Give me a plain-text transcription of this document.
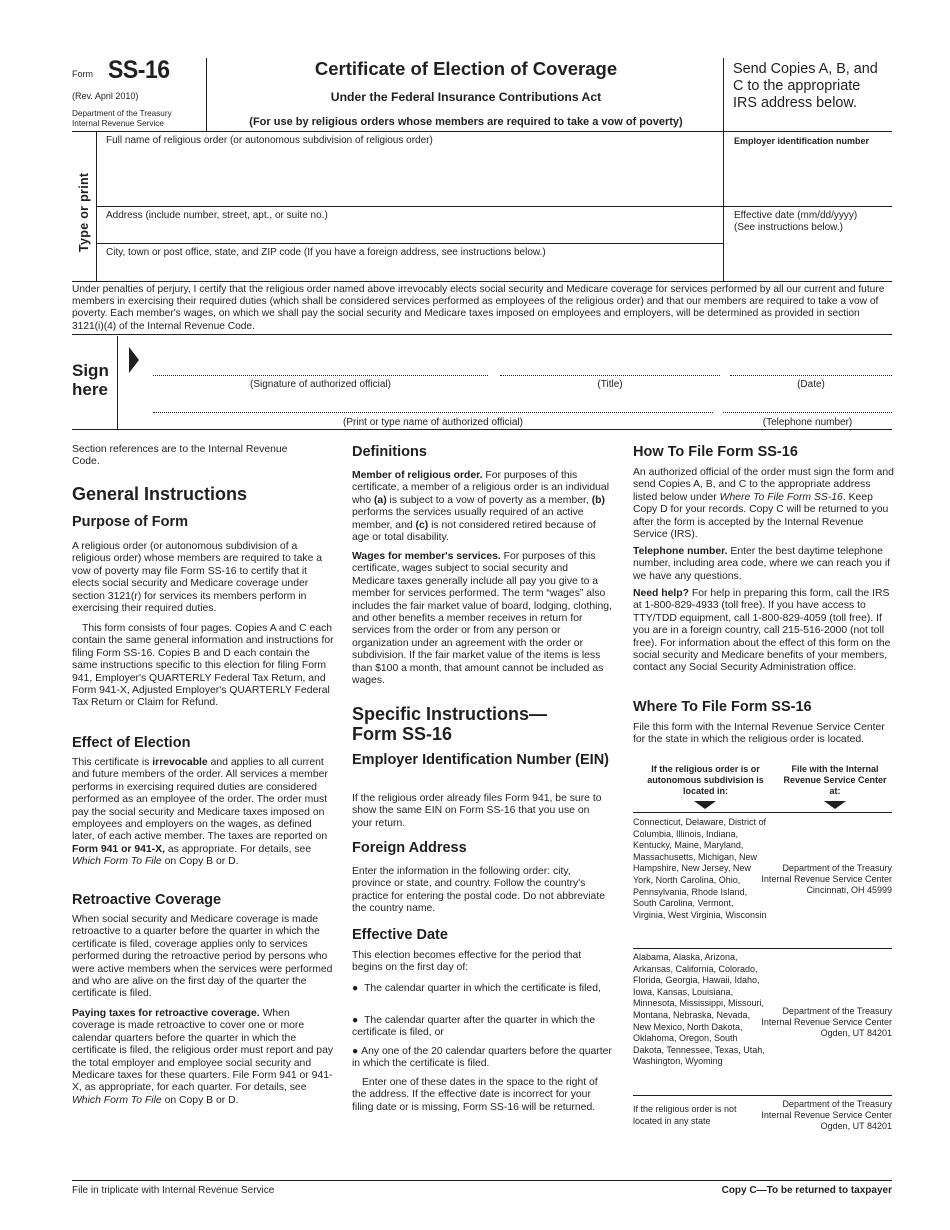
Form SS-16
(Rev. April 2010)
Department of the Treasury
Internal Revenue Service
Certificate of Election of Coverage
Under the Federal Insurance Contributions Act
(For use by religious orders whose members are required to take a vow of poverty)
Send Copies A, B, and C to the appropriate IRS address below.
Type or print
Full name of religious order (or autonomous subdivision of religious order)	Employer identification number
Address (include number, street, apt., or suite no.)	Effective date (mm/dd/yyyy)
(See instructions below.)
City, town or post office, state, and ZIP code (If you have a foreign address, see instructions below.)
Under penalties of perjury, I certify that the religious order named above irrevocably elects social security and Medicare coverage for services performed by all our current and future members in exercising their required duties (which shall be considered services performed as employees of the religious order) and that our members are required to take a vow of poverty. Each member's wages, on which we shall pay the social security and Medicare taxes imposed on employees and employers, will be determined as provided in section 3121(i)(4) of the Internal Revenue Code.
Sign
here	(Signature of authorized official)	(Title)	(Date)
(Print or type name of authorized official)	(Telephone number)
Section references are to the Internal Revenue Code.
General Instructions
Purpose of Form

A religious order (or autonomous subdivision of a religious order) whose members are required to take a vow of poverty may file Form SS-16 to certify that it elects social security and Medicare coverage under section 3121(r) for services its members perform in exercising their required duties.

This form consists of four pages. Copies A and C each contain the same general information and instructions for filing Form SS-16. Copies B and D each contain the same instructions specific to this election for filing Form 941, Employer's QUARTERLY Federal Tax Return, and Form 941-X, Adjusted Employer's QUARTERLY Federal Tax Return or Claim for Refund.

Effect of Election

This certificate is irrevocable and applies to all current and future members of the order. All services a member performs in exercising required duties are considered performed as an employee of the order. The order must pay the social security and Medicare taxes imposed on employees and employers on the wages, as defined later, of each active member. The taxes are reported on Form 941 or 941-X, as appropriate. For details, see Which Form To File on Copy B or D.

Retroactive Coverage

When social security and Medicare coverage is made retroactive to a quarter before the quarter in which the certificate is filed, coverage applies only to services performed during the retroactive period by persons who were active members when the services were performed and who are alive on the first day of the quarter the certificate is filed.

Paying taxes for retroactive coverage. When coverage is made retroactive to cover one or more calendar quarters before the quarter in which the certificate is filed, the religious order must report and pay the total employer and employee social security and Medicare taxes for these quarters. File Form 941 or 941-X, as appropriate, for each quarter. For details, see Which Form To File on Copy B or D.

Definitions

Member of religious order. For purposes of this certificate, a member of a religious order is an individual who (a) is subject to a vow of poverty as a member, (b) performs the services usually required of an active member, and (c) is not considered retired because of age or total disability.

Wages for member's services. For purposes of this certificate, wages subject to social security and Medicare taxes generally include all pay you give to a member for services performed. The term “wages” also includes the fair market value of board, lodging, clothing, and other benefits a member receives in return for services from the order or from any person or organization under an agreement with the order or subdivision. If the fair market value of the items is less than $100 a month, that amount cannot be included as wages.

Specific Instructions—
Form SS-16
Employer Identification Number (EIN)

If the religious order already files Form 941, be sure to show the same EIN on Form SS-16 that you use on your return.

Foreign Address

Enter the information in the following order: city, province or state, and country. Follow the country's practice for entering the postal code. Do not abbreviate the country name.

Effective Date

This election becomes effective for the period that begins on the first day of:

●  The calendar quarter in which the certificate is filed,

●  The calendar quarter after the quarter in which the certificate is filed, or

● Any one of the 20 calendar quarters before the quarter in which the certificate is filed.

Enter one of these dates in the space to the right of the address. If the effective date is incorrect for your filing date or is missing, Form SS-16 will be returned.

How To File Form SS-16

An authorized official of the order must sign the form and send Copies A, B, and C to the appropriate address listed below under Where To File Form SS-16. Keep Copy D for your records. Copy C will be returned to you after the form is accepted by the Internal Revenue Service (IRS).

Telephone number. Enter the best daytime telephone number, including area code, where we can reach you if we have any questions.

Need help? For help in preparing this form, call the IRS at 1-800-829-4933 (toll free). If you have access to TTY/TDD equipment, call 1-800-829-4059 (toll free). If you are in a foreign country, call 215-516-2000 (not toll free). For information about the effect of this form on the social security and Medicare benefits of your members, contact any Social Security Administration office.

Where To File Form SS-16

File this form with the Internal Revenue Service Center for the state in which the religious order is located.

If the religious order is or autonomous subdivision is located in:
File with the Internal Revenue Service Center at:
Connecticut, Delaware, District of Columbia, Illinois, Indiana, Kentucky, Maine, Maryland, Massachusetts, Michigan, New Hampshire, New Jersey, New York, North Carolina, Ohio, Pennsylvania, Rhode Island, South Carolina, Vermont, Virginia, West Virginia, Wisconsin
Department of the Treasury
Internal Revenue Service Center
Cincinnati, OH 45999
Alabama, Alaska, Arizona, Arkansas, California, Colorado, Florida, Georgia, Hawaii, Idaho, Iowa, Kansas, Louisiana, Minnesota, Mississippi, Missouri, Montana, Nebraska, Nevada, New Mexico, North Dakota, Oklahoma, Oregon, South Dakota, Tennessee, Texas, Utah, Washington, Wyoming
Department of the Treasury
Internal Revenue Service Center
Ogden, UT 84201
If the religious order is not located in any state
Department of the Treasury
Internal Revenue Service Center
Ogden, UT 84201
File in triplicate with Internal Revenue Service	Copy C—To be returned to taxpayer
